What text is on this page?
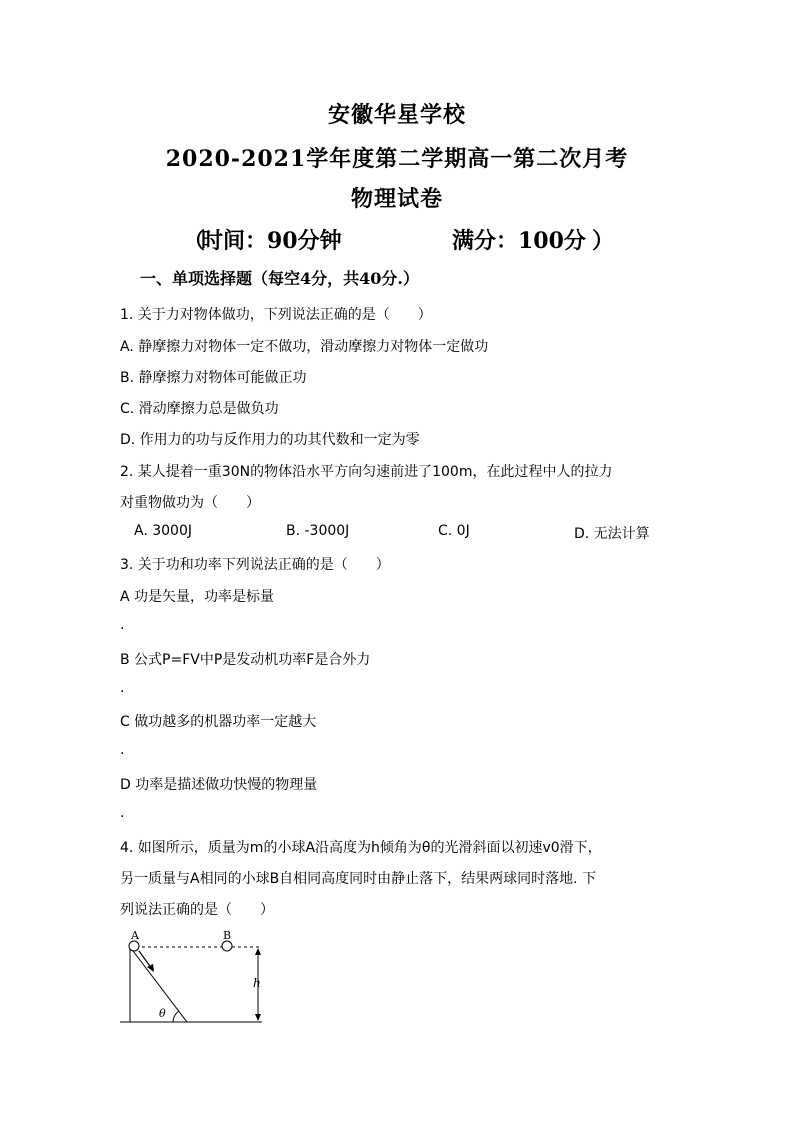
安徽华星学校
2020-2021学年度第二学期高一第二次月考
物理试卷
（
时间：90分钟	满分：100分 ）
一、单项选择题（每空4分，共40分.）
1. 关于力对物体做功，下列说法正确的是（　　）
A. 静摩擦力对物体一定不做功，滑动摩擦力对物体一定做功
B. 静摩擦力对物体可能做正功
C. 滑动摩擦力总是做负功
D. 作用力的功与反作用力的功其代数和一定为零
2. 某人提着一重30N的物体沿水平方向匀速前进了100m，在此过程中人的拉力
对重物做功为（　　）
A. 3000J	B. -3000J	C. 0J	D. 无法计算
3. 关于功和功率下列说法正确的是（　　）
A 功是矢量，功率是标量
.
B 公式P=FV中P是发动机功率F是合外力
.
C 做功越多的机器功率一定越大
.
D 功率是描述做功快慢的物理量
.
4. 如图所示，质量为m的小球A沿高度为h倾角为θ的光滑斜面以初速v0滑下，
另一质量与A相同的小球B自相同高度同时由静止落下，结果两球同时落地. 下
列说法正确的是（　　）
A	B
h
θ
